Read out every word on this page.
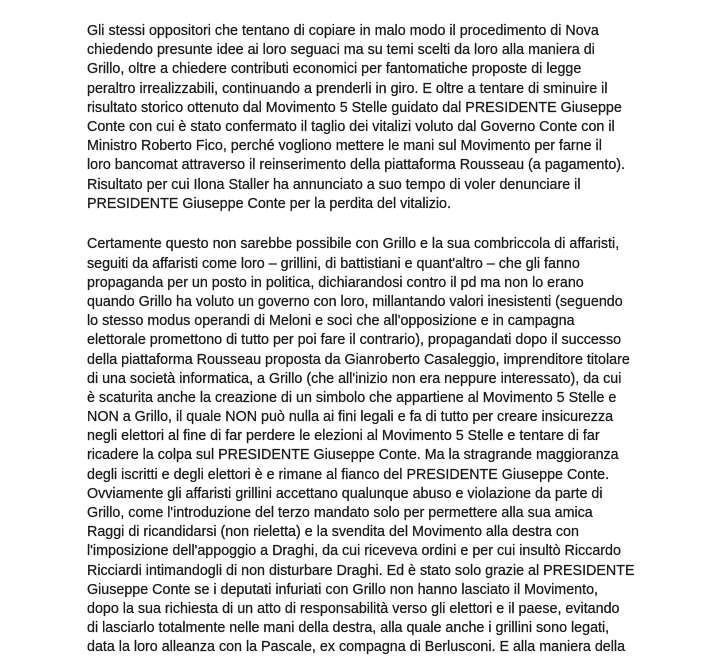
Gli stessi oppositori che tentano di copiare in malo modo il procedimento di Nova
chiedendo presunte idee ai loro seguaci ma su temi scelti da loro alla maniera di
Grillo, oltre a chiedere contributi economici per fantomatiche proposte di legge
peraltro irrealizzabili, continuando a prenderli in giro. E oltre a tentare di sminuire il
risultato storico ottenuto dal Movimento 5 Stelle guidato dal PRESIDENTE Giuseppe
Conte con cui è stato confermato il taglio dei vitalizi voluto dal Governo Conte con il
Ministro Roberto Fico, perché vogliono mettere le mani sul Movimento per farne il
loro bancomat attraverso il reinserimento della piattaforma Rousseau (a pagamento).
Risultato per cui Ilona Staller ha annunciato a suo tempo di voler denunciare il
PRESIDENTE Giuseppe Conte per la perdita del vitalizio.
Certamente questo non sarebbe possibile con Grillo e la sua combriccola di affaristi,
seguiti da affaristi come loro – grillini, di battistiani e quant'altro – che gli fanno
propaganda per un posto in politica, dichiarandosi contro il pd ma non lo erano
quando Grillo ha voluto un governo con loro, millantando valori inesistenti (seguendo
lo stesso modus operandi di Meloni e soci che all'opposizione e in campagna
elettorale promettono di tutto per poi fare il contrario), propagandati dopo il successo
della piattaforma Rousseau proposta da Gianroberto Casaleggio, imprenditore titolare
di una società informatica, a Grillo (che all'inizio non era neppure interessato), da cui
è scaturita anche la creazione di un simbolo che appartiene al Movimento 5 Stelle e
NON a Grillo, il quale NON può nulla ai fini legali e fa di tutto per creare insicurezza
negli elettori al fine di far perdere le elezioni al Movimento 5 Stelle e tentare di far
ricadere la colpa sul PRESIDENTE Giuseppe Conte. Ma la stragrande maggioranza
degli iscritti e degli elettori è e rimane al fianco del PRESIDENTE Giuseppe Conte.
Ovviamente gli affaristi grillini accettano qualunque abuso e violazione da parte di
Grillo, come l'introduzione del terzo mandato solo per permettere alla sua amica
Raggi di ricandidarsi (non rieletta) e la svendita del Movimento alla destra con
l'imposizione dell'appoggio a Draghi, da cui riceveva ordini e per cui insultò Riccardo
Ricciardi intimandogli di non disturbare Draghi. Ed è stato solo grazie al PRESIDENTE
Giuseppe Conte se i deputati infuriati con Grillo non hanno lasciato il Movimento,
dopo la sua richiesta di un atto di responsabilità verso gli elettori e il paese, evitando
di lasciarlo totalmente nelle mani della destra, alla quale anche i grillini sono legati,
data la loro alleanza con la Pascale, ex compagna di Berlusconi. E alla maniera della
